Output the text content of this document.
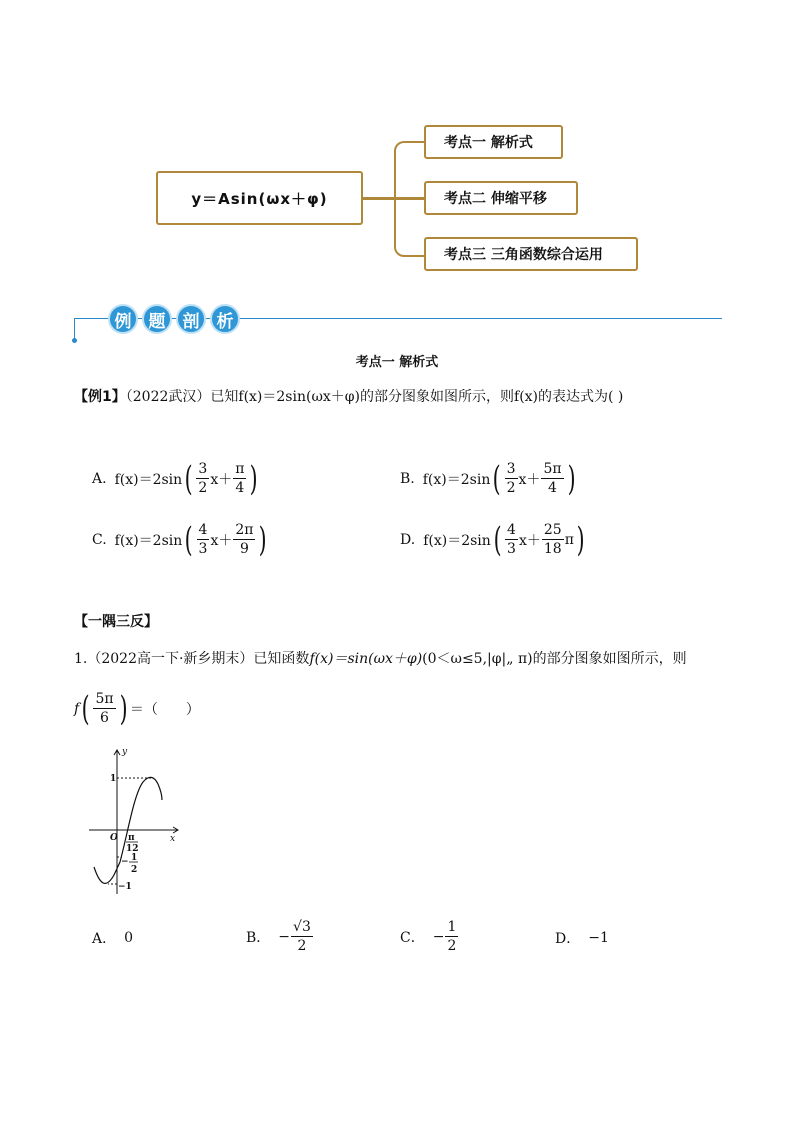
y＝Asin(ωx＋φ)
考点一 解析式
考点二 伸缩平移
考点三 三角函数综合运用
例	题	剖	析
考点一 解析式
【例1】（2022武汉）已知f(x)＝2sin(ωx＋φ)的部分图象如图所示，则f(x)的表达式为( )
A. f(x)＝2sin ( $\frac{3}{2} x+ \frac{\pi}{4}$ )	B. f(x)＝2sin ( $\frac{3}{2} x+ \frac{5\pi}{4}$ )
C. f(x)＝2sin ( $\frac{4}{3} x+ \frac{2\pi}{9}$ )	D. f(x)＝2sin ( $\frac{4}{3} x+ \frac{25}{18}$ π )
【一隅三反】
1.（2022高一下·新乡期末）已知函数f(x)＝sin(ωx＋φ)(0＜ω≤5,|φ|„ π)的部分图象如图所示，则
f ( $\frac{5\pi}{6}$ ) ＝（　　）
y
x
O
1
−1
π
12
− 1
2
A． 0	B． − $\frac{√3}{2}$	C． − $\frac{1}{2}$	D． −1
